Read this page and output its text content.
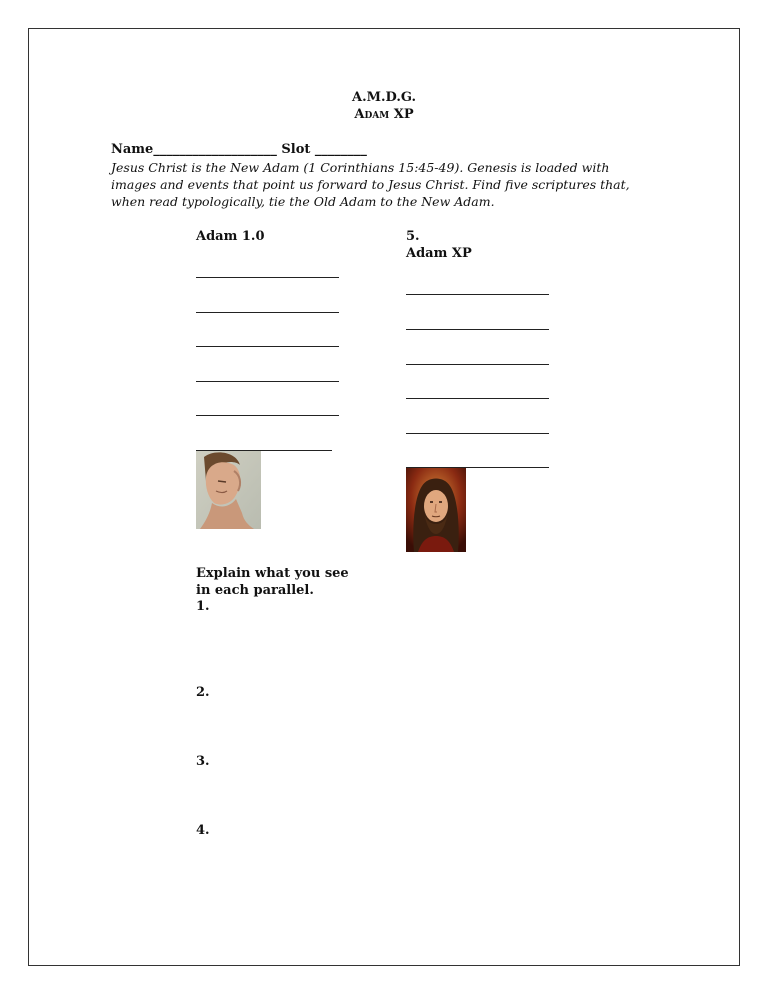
A.M.D.G.
Adam XP
Name___________________ Slot ________
Jesus Christ is the New Adam (1 Corinthians 15:45-49). Genesis is loaded with images and events that point us forward to Jesus Christ. Find five scriptures that, when read typologically, tie the Old Adam to the New Adam.
Adam 1.0	5.
Adam XP
Explain what you see in each parallel.
1.
2.
3.
4.
